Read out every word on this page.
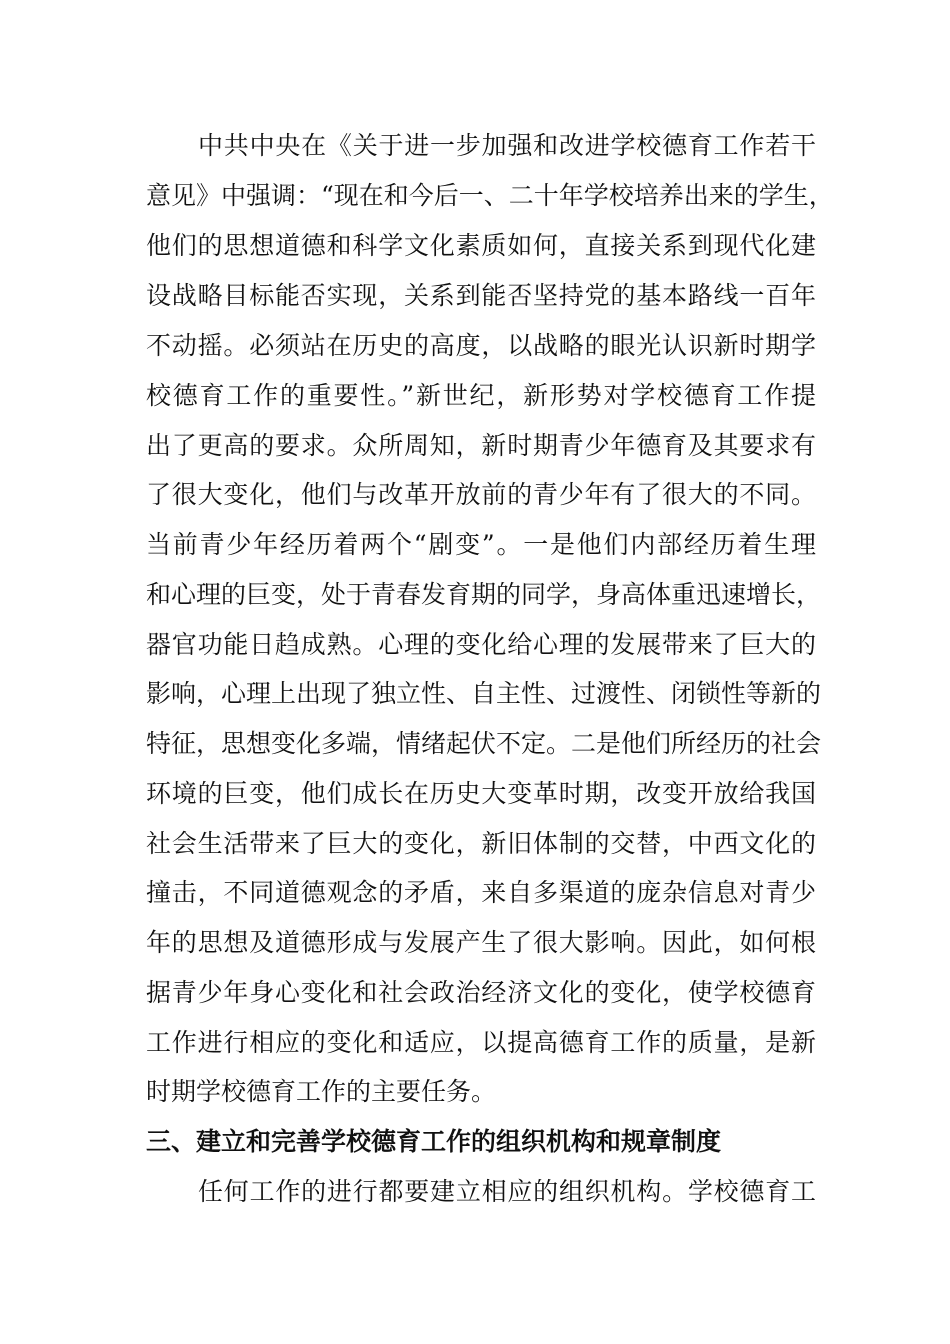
中共中央在《关于进一步加强和改进学校德育工作若干
意见》中强调：“现在和今后一、二十年学校培养出来的学生，
他们的思想道德和科学文化素质如何，直接关系到现代化建
设战略目标能否实现，关系到能否坚持党的基本路线一百年
不动摇。必须站在历史的高度，以战略的眼光认识新时期学
校德育工作的重要性。”新世纪，新形势对学校德育工作提
出了更高的要求。众所周知，新时期青少年德育及其要求有
了很大变化，他们与改革开放前的青少年有了很大的不同。
当前青少年经历着两个“剧变”。一是他们内部经历着生理
和心理的巨变，处于青春发育期的同学，身高体重迅速增长，
器官功能日趋成熟。心理的变化给心理的发展带来了巨大的
影响，心理上出现了独立性、自主性、过渡性、闭锁性等新的
特征，思想变化多端，情绪起伏不定。二是他们所经历的社会
环境的巨变，他们成长在历史大变革时期，改变开放给我国
社会生活带来了巨大的变化，新旧体制的交替，中西文化的
撞击，不同道德观念的矛盾，来自多渠道的庞杂信息对青少
年的思想及道德形成与发展产生了很大影响。因此，如何根
据青少年身心变化和社会政治经济文化的变化，使学校德育
工作进行相应的变化和适应，以提高德育工作的质量，是新
时期学校德育工作的主要任务。
三、建立和完善学校德育工作的组织机构和规章制度
任何工作的进行都要建立相应的组织机构。学校德育工
